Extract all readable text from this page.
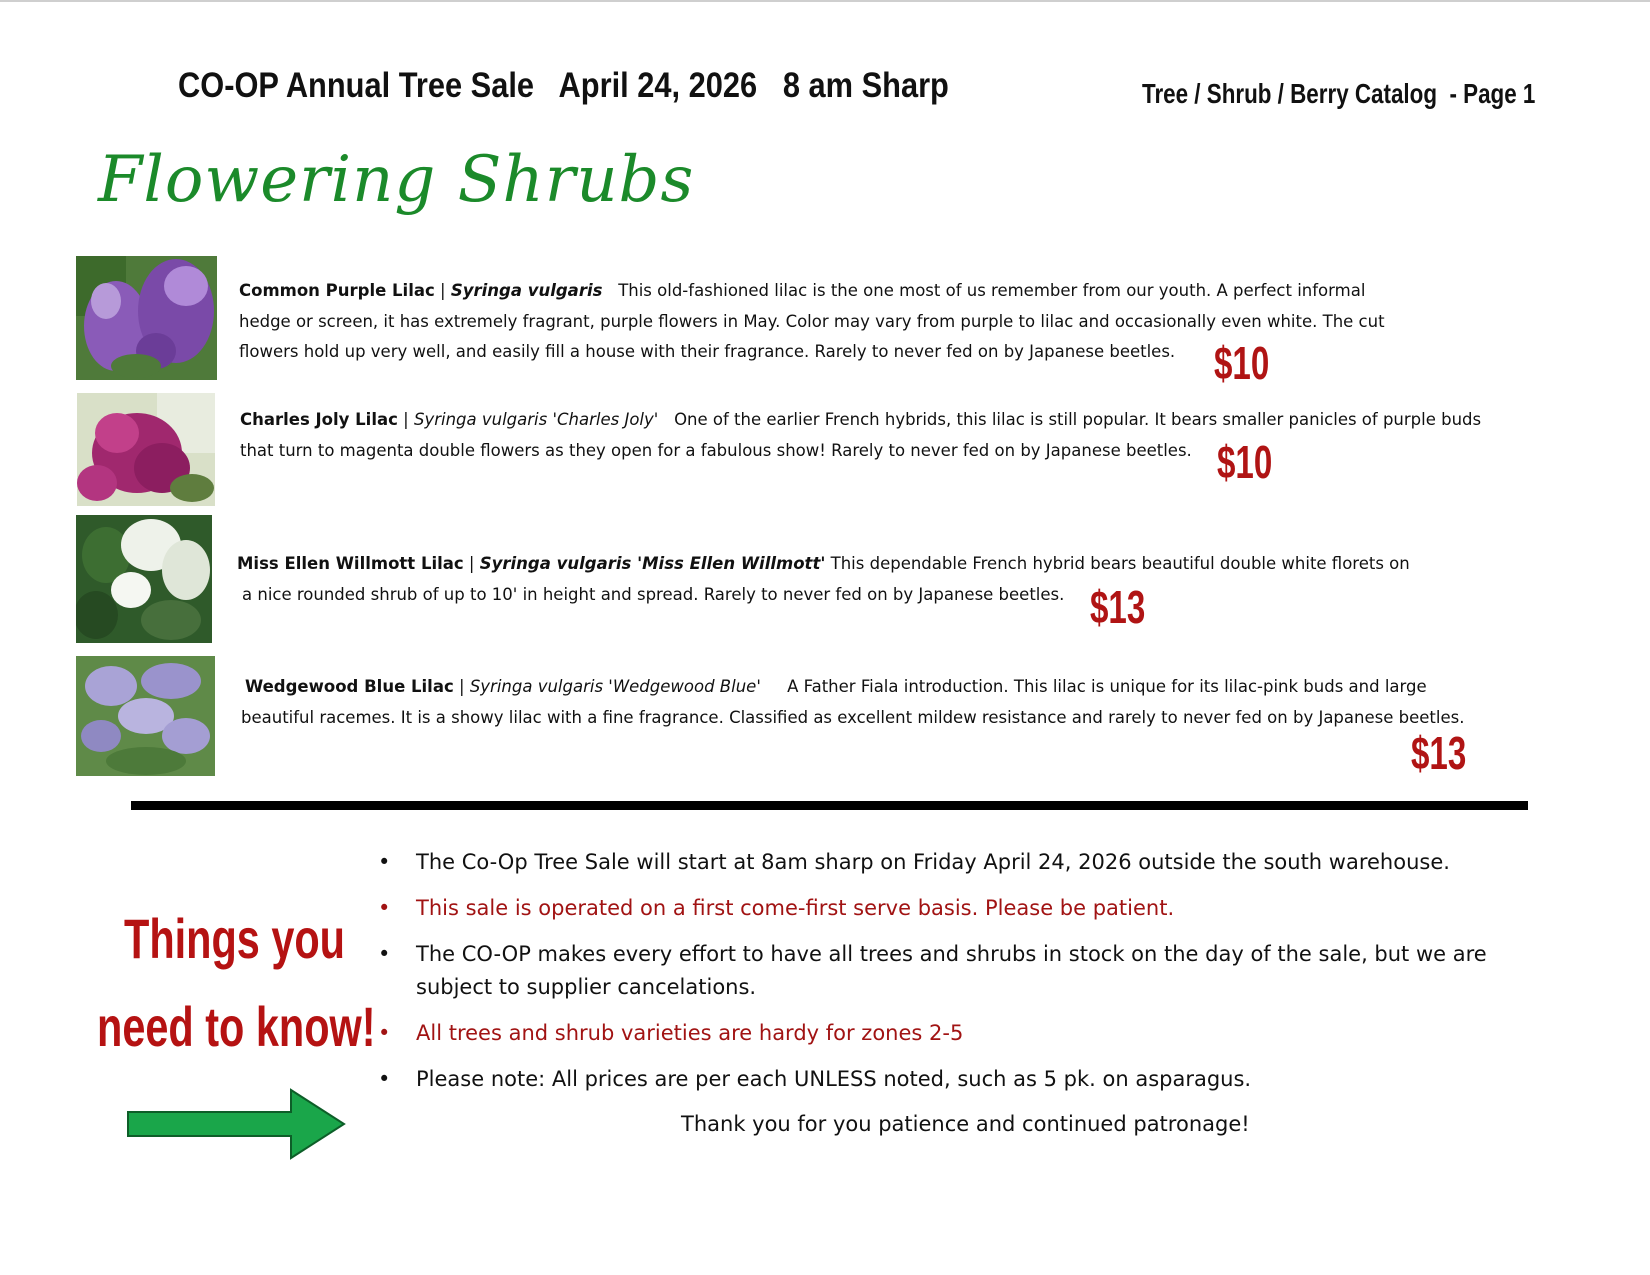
CO-OP Annual Tree Sale   April 24, 2026   8 am Sharp	Tree / Shrub / Berry Catalog  - Page 1
Flowering Shrubs
Common Purple Lilac | Syringa vulgaris This old-fashioned lilac is the one most of us remember from our youth. A perfect informal
hedge or screen, it has extremely fragrant, purple flowers in May. Color may vary from purple to lilac and occasionally even white. The cut
flowers hold up very well, and easily fill a house with their fragrance. Rarely to never fed on by Japanese beetles. $10
Charles Joly Lilac | Syringa vulgaris 'Charles Joly' One of the earlier French hybrids, this lilac is still popular. It bears smaller panicles of purple buds
that turn to magenta double flowers as they open for a fabulous show! Rarely to never fed on by Japanese beetles. $10
Miss Ellen Willmott Lilac | Syringa vulgaris 'Miss Ellen Willmott' This dependable French hybrid bears beautiful double white florets on
a nice rounded shrub of up to 10' in height and spread. Rarely to never fed on by Japanese beetles. $13
Wedgewood Blue Lilac | Syringa vulgaris 'Wedgewood Blue' A Father Fiala introduction. This lilac is unique for its lilac-pink buds and large
beautiful racemes. It is a showy lilac with a fine fragrance. Classified as excellent mildew resistance and rarely to never fed on by Japanese beetles.
$13
Things you
need to know!
•	The Co-Op Tree Sale will start at 8am sharp on Friday April 24, 2026 outside the south warehouse.
•	This sale is operated on a first come-first serve basis. Please be patient.
•	The CO-OP makes every effort to have all trees and shrubs in stock on the day of the sale, but we are
subject to supplier cancelations.
•	All trees and shrub varieties are hardy for zones 2-5
•	Please note: All prices are per each UNLESS noted, such as 5 pk. on asparagus.
Thank you for you patience and continued patronage!
